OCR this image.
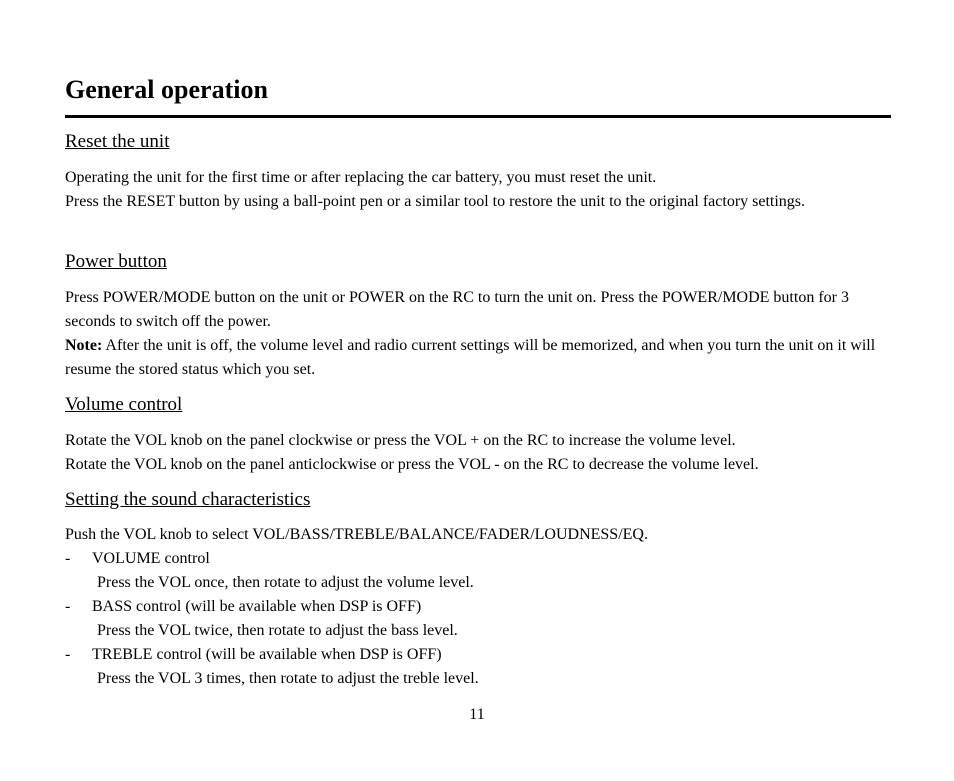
General operation
Reset the unit

Operating the unit for the first time or after replacing the car battery, you must reset the unit.

Press the RESET button by using a ball-point pen or a similar tool to restore the unit to the original factory settings.

Power button

Press POWER/MODE button on the unit or POWER on the RC to turn the unit on. Press the POWER/MODE button for 3 seconds to switch off the power.

Note: After the unit is off, the volume level and radio current settings will be memorized, and when you turn the unit on it will resume the stored status which you set.

Volume control

Rotate the VOL knob on the panel clockwise or press the VOL + on the RC to increase the volume level.

Rotate the VOL knob on the panel anticlockwise or press the VOL - on the RC to decrease the volume level.

Setting the sound characteristics

Push the VOL knob to select VOL/BASS/TREBLE/BALANCE/FADER/LOUDNESS/EQ.

- VOLUME control
Press the VOL once, then rotate to adjust the volume level.
- BASS control (will be available when DSP is OFF)
Press the VOL twice, then rotate to adjust the bass level.
- TREBLE control (will be available when DSP is OFF)
Press the VOL 3 times, then rotate to adjust the treble level.
11
